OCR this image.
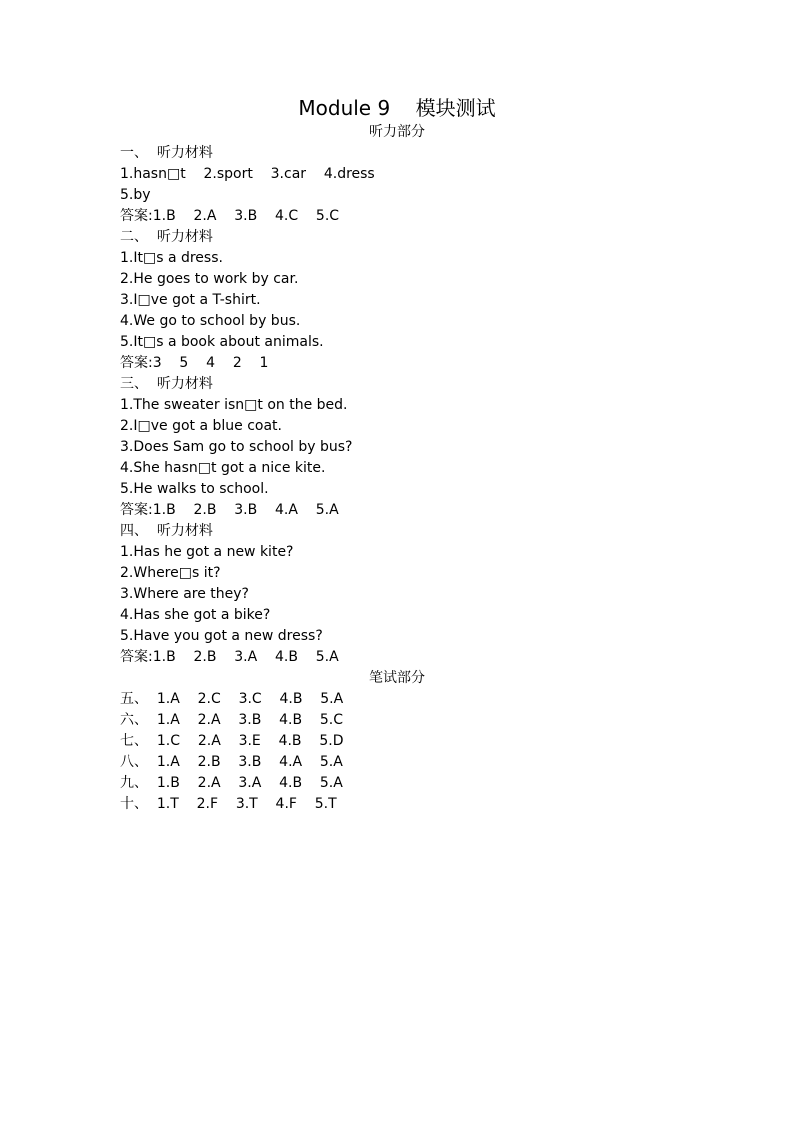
Module 9    模块测试
听力部分
一、  听力材料
1.hasn□t    2.sport    3.car    4.dress
5.by
答案:1.B    2.A    3.B    4.C    5.C
二、  听力材料
1.It□s a dress.
2.He goes to work by car.
3.I□ve got a T-shirt.
4.We go to school by bus.
5.It□s a book about animals.
答案:3    5    4    2    1
三、  听力材料
1.The sweater isn□t on the bed.
2.I□ve got a blue coat.
3.Does Sam go to school by bus?
4.She hasn□t got a nice kite.
5.He walks to school.
答案:1.B    2.B    3.B    4.A    5.A
四、  听力材料
1.Has he got a new kite?
2.Where□s it?
3.Where are they?
4.Has she got a bike?
5.Have you got a new dress?
答案:1.B    2.B    3.A    4.B    5.A
笔试部分
五、  1.A    2.C    3.C    4.B    5.A
六、  1.A    2.A    3.B    4.B    5.C
七、  1.C    2.A    3.E    4.B    5.D
八、  1.A    2.B    3.B    4.A    5.A
九、  1.B    2.A    3.A    4.B    5.A
十、  1.T    2.F    3.T    4.F    5.T
